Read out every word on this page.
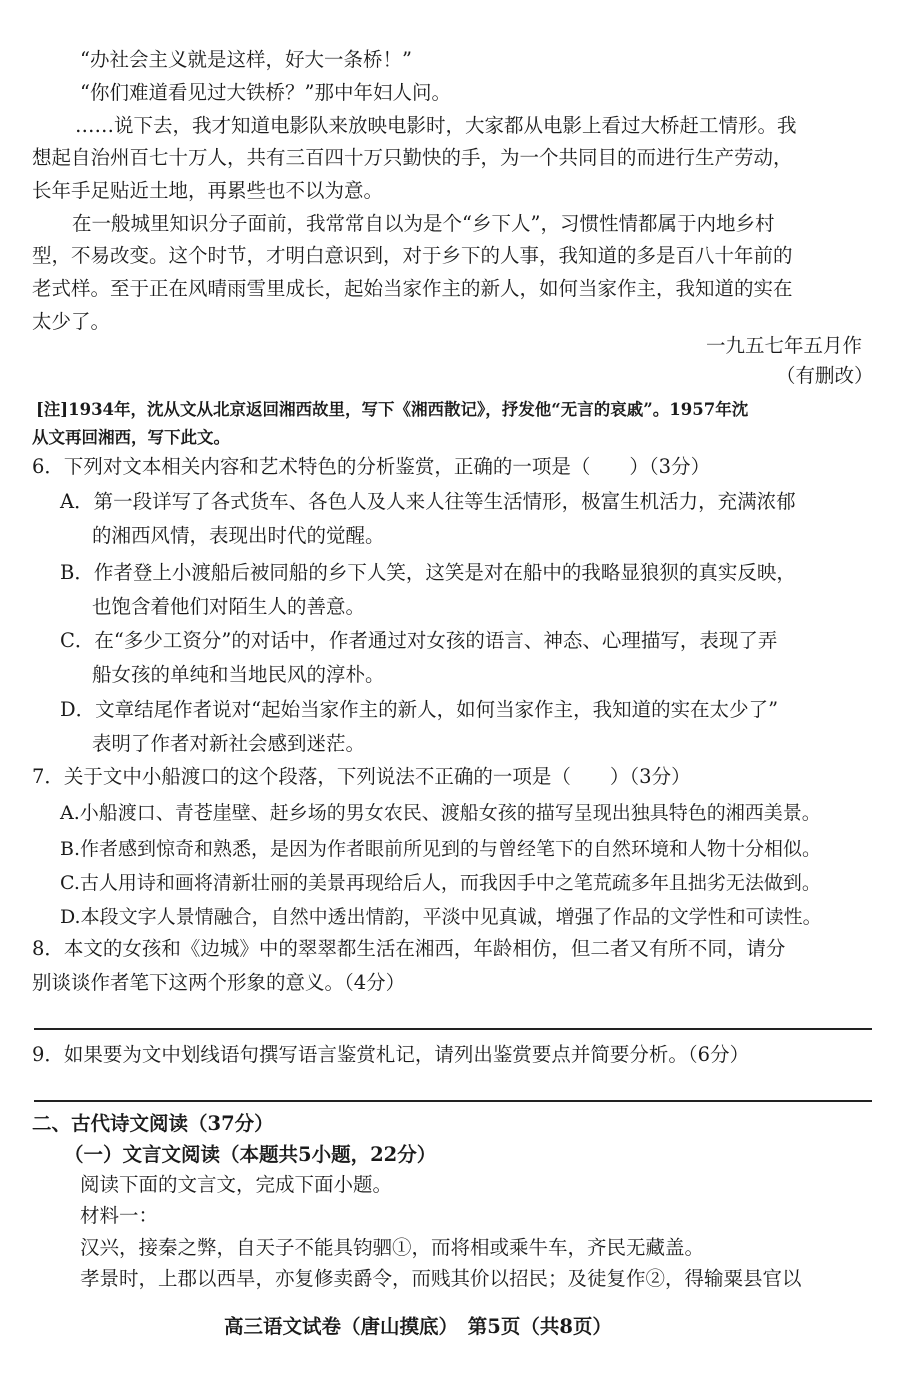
“办社会主义就是这样，好大一条桥！”
“你们难道看见过大铁桥？”那中年妇人问。
……说下去，我才知道电影队来放映电影时，大家都从电影上看过大桥赶工情形。我
想起自治州百七十万人，共有三百四十万只勤快的手，为一个共同目的而进行生产劳动，
长年手足贴近土地，再累些也不以为意。
在一般城里知识分子面前，我常常自以为是个“乡下人”，习惯性情都属于内地乡村
型，不易改变。这个时节，才明白意识到，对于乡下的人事，我知道的多是百八十年前的
老式样。至于正在风晴雨雪里成长，起始当家作主的新人，如何当家作主，我知道的实在
太少了。
一九五七年五月作
（有删改）
[注]1934年，沈从文从北京返回湘西故里，写下《湘西散记》，抒发他“无言的哀戚”。1957年沈
从文再回湘西，写下此文。
6．下列对文本相关内容和艺术特色的分析鉴赏，正确的一项是（　　）（3分）
A．第一段详写了各式货车、各色人及人来人往等生活情形，极富生机活力，充满浓郁
的湘西风情，表现出时代的觉醒。
B．作者登上小渡船后被同船的乡下人笑，这笑是对在船中的我略显狼狈的真实反映，
也饱含着他们对陌生人的善意。
C．在“多少工资分”的对话中，作者通过对女孩的语言、神态、心理描写，表现了弄
船女孩的单纯和当地民风的淳朴。
D．文章结尾作者说对“起始当家作主的新人，如何当家作主，我知道的实在太少了”
表明了作者对新社会感到迷茫。
7．关于文中小船渡口的这个段落，下列说法不正确的一项是（　　）（3分）
A.小船渡口、青苍崖壁、赶乡场的男女农民、渡船女孩的描写呈现出独具特色的湘西美景。
B.作者感到惊奇和熟悉，是因为作者眼前所见到的与曾经笔下的自然环境和人物十分相似。
C.古人用诗和画将清新壮丽的美景再现给后人，而我因手中之笔荒疏多年且拙劣无法做到。
D.本段文字人景情融合，自然中透出情韵，平淡中见真诚，增强了作品的文学性和可读性。
8．本文的女孩和《边城》中的翠翠都生活在湘西，年龄相仿，但二者又有所不同，请分
别谈谈作者笔下这两个形象的意义。（4分）
9．如果要为文中划线语句撰写语言鉴赏札记，请列出鉴赏要点并简要分析。（6分）
二、古代诗文阅读（37分）
（一）文言文阅读（本题共5小题，22分）
阅读下面的文言文，完成下面小题。
材料一：
汉兴，接秦之弊，自天子不能具钧驷①，而将相或乘牛车，齐民无藏盖。
孝景时，上郡以西旱，亦复修卖爵令，而贱其价以招民；及徒复作②，得输粟县官以
高三语文试卷（唐山摸底）　第5页（共8页）
